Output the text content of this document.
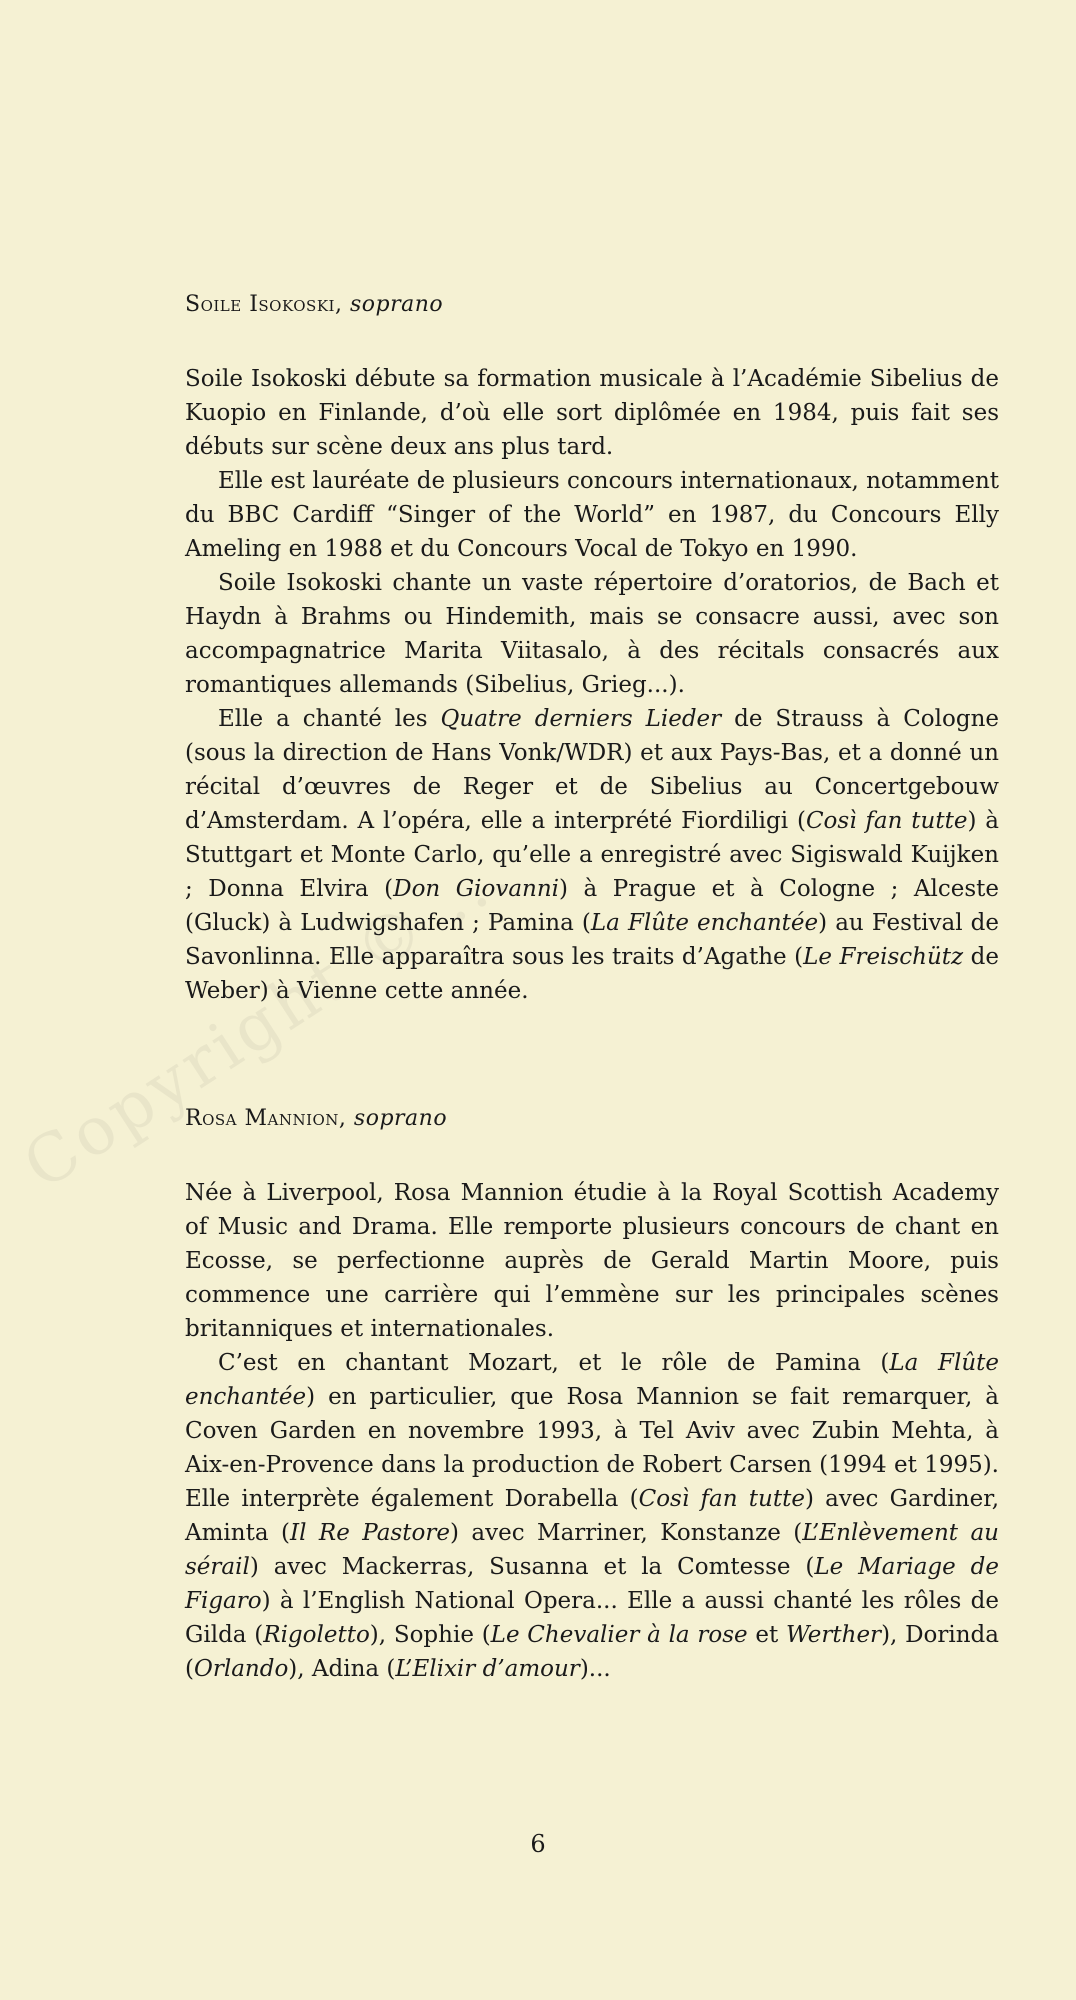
Soile Isokoski, soprano

Soile Isokoski débute sa formation musicale à l’Académie Sibelius de Kuopio en Finlande, d’où elle sort diplômée en 1984, puis fait ses débuts sur scène deux ans plus tard.

Elle est lauréate de plusieurs concours internationaux, notamment du BBC Cardiff “Singer of the World” en 1987, du Concours Elly Ameling en 1988 et du Concours Vocal de Tokyo en 1990.

Soile Isokoski chante un vaste répertoire d’oratorios, de Bach et Haydn à Brahms ou Hindemith, mais se consacre aussi, avec son accompagnatrice Marita Viitasalo, à des récitals consacrés aux romantiques allemands (Sibelius, Grieg...).

Elle a chanté les Quatre derniers Lieder de Strauss à Cologne (sous la direction de Hans Vonk/WDR) et aux Pays-Bas, et a donné un récital d’œuvres de Reger et de Sibelius au Concertgebouw d’Amsterdam. A l’opéra, elle a interprété Fiordiligi (Così fan tutte) à Stuttgart et Monte Carlo, qu’elle a enregistré avec Sigiswald Kuijken ; Donna Elvira (Don Giovanni) à Prague et à Cologne ; Alceste (Gluck) à Ludwigshafen ; Pamina (La Flûte enchantée) au Festival de Savonlinna. Elle apparaîtra sous les traits d’Agathe (Le Freischütz de Weber) à Vienne cette année.

Rosa Mannion, soprano

Née à Liverpool, Rosa Mannion étudie à la Royal Scottish Academy of Music and Drama. Elle remporte plusieurs concours de chant en Ecosse, se perfectionne auprès de Gerald Martin Moore, puis commence une carrière qui l’emmène sur les principales scènes britanniques et internationales.

C’est en chantant Mozart, et le rôle de Pamina (La Flûte enchantée) en particulier, que Rosa Mannion se fait remarquer, à Coven Garden en novembre 1993, à Tel Aviv avec Zubin Mehta, à Aix-en-Provence dans la production de Robert Carsen (1994 et 1995). Elle interprète également Dorabella (Così fan tutte) avec Gardiner, Aminta (Il Re Pastore) avec Marriner, Konstanze (L’Enlèvement au sérail) avec Mackerras, Susanna et la Comtesse (Le Mariage de Figaro) à l’English National Opera... Elle a aussi chanté les rôles de Gilda (Rigoletto), Sophie (Le Chevalier à la rose et Werther), Dorinda (Orlando), Adina (L’Elixir d’amour)...

6
